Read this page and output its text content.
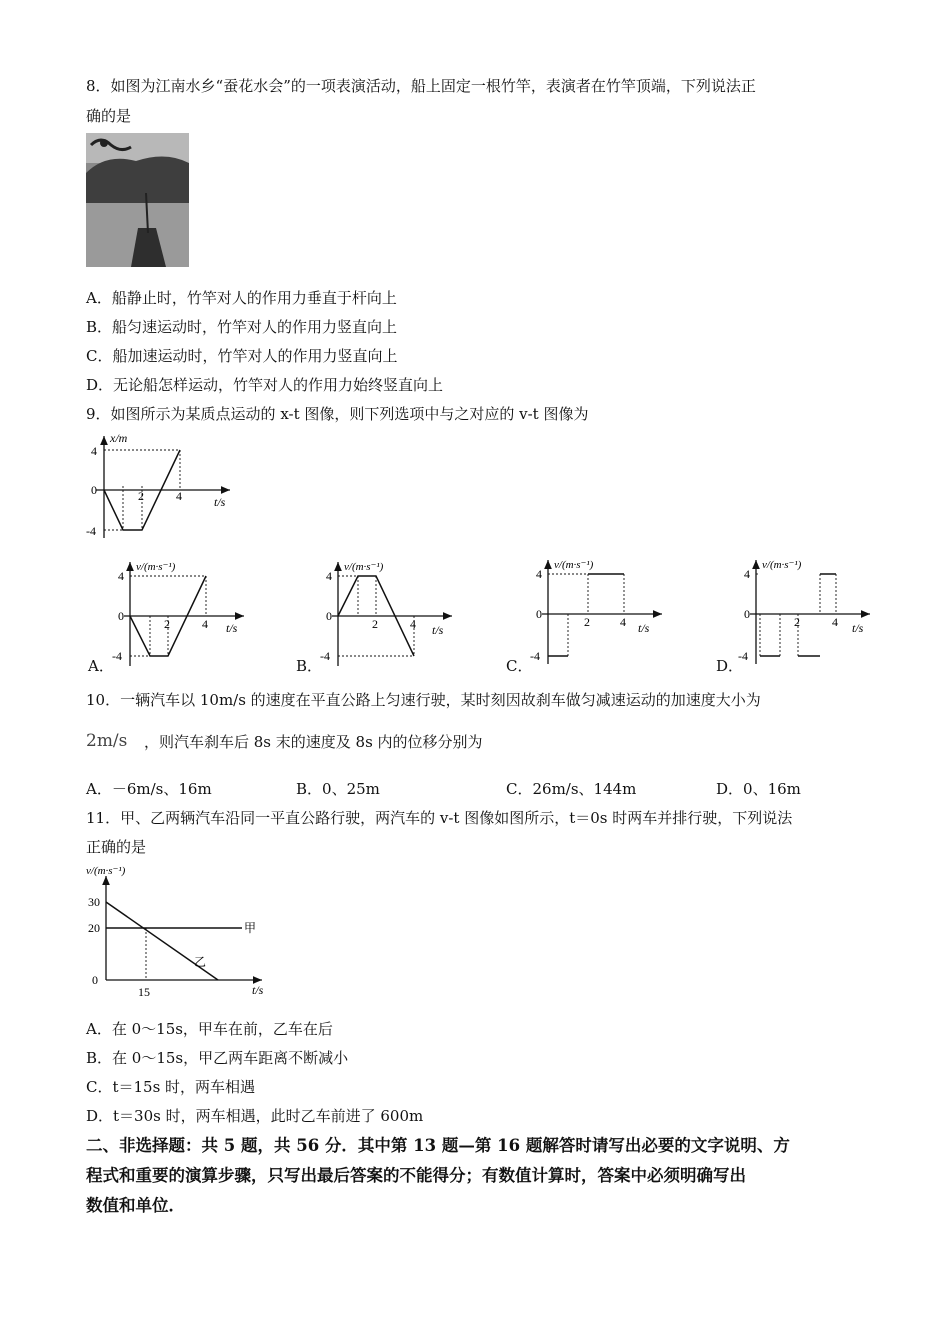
8．如图为江南水乡“蚕花水会”的一项表演活动，船上固定一根竹竿，表演者在竹竿顶端，下列说法正
确的是
A．船静止时，竹竿对人的作用力垂直于杆向上
B．船匀速运动时，竹竿对人的作用力竖直向上
C．船加速运动时，竹竿对人的作用力竖直向上
D．无论船怎样运动，竹竿对人的作用力始终竖直向上
9．如图所示为某质点运动的 x-t 图像，则下列选项中与之对应的 v-t 图像为
x/m
t/s
4
0
-4
2	4
A．
v/(m·s⁻¹)
t/s
4
0
-4
2	4
B．
v/(m·s⁻¹)
t/s
4
0
-4
2	4
C．
v/(m·s⁻¹)
t/s
4
0
-4
2	4
D．
v/(m·s⁻¹)
t/s
4
0
-4
2	4
10．一辆汽车以 10m/s 的速度在平直公路上匀速行驶，某时刻因故刹车做匀减速运动的加速度大小为
2m/s ，则汽车刹车后 8s 末的速度及 8s 内的位移分别为
A．－6m/s、16m	B．0、25m	C．26m/s、144m	D．0、16m
11．甲、乙两辆汽车沿同一平直公路行驶，两汽车的 v-t 图像如图所示，t＝0s 时两车并排行驶，下列说法
正确的是
v/(m·s⁻¹)
t/s
30
20
0
15
甲
乙
A．在 0～15s，甲车在前，乙车在后
B．在 0～15s，甲乙两车距离不断减小
C．t＝15s 时，两车相遇
D．t＝30s 时，两车相遇，此时乙车前进了 600m
二、非选择题：共 5 题，共 56 分．其中第 13 题—第 16 题解答时请写出必要的文字说明、方
程式和重要的演算步骤，只写出最后答案的不能得分；有数值计算时，答案中必须明确写出
数值和单位．
